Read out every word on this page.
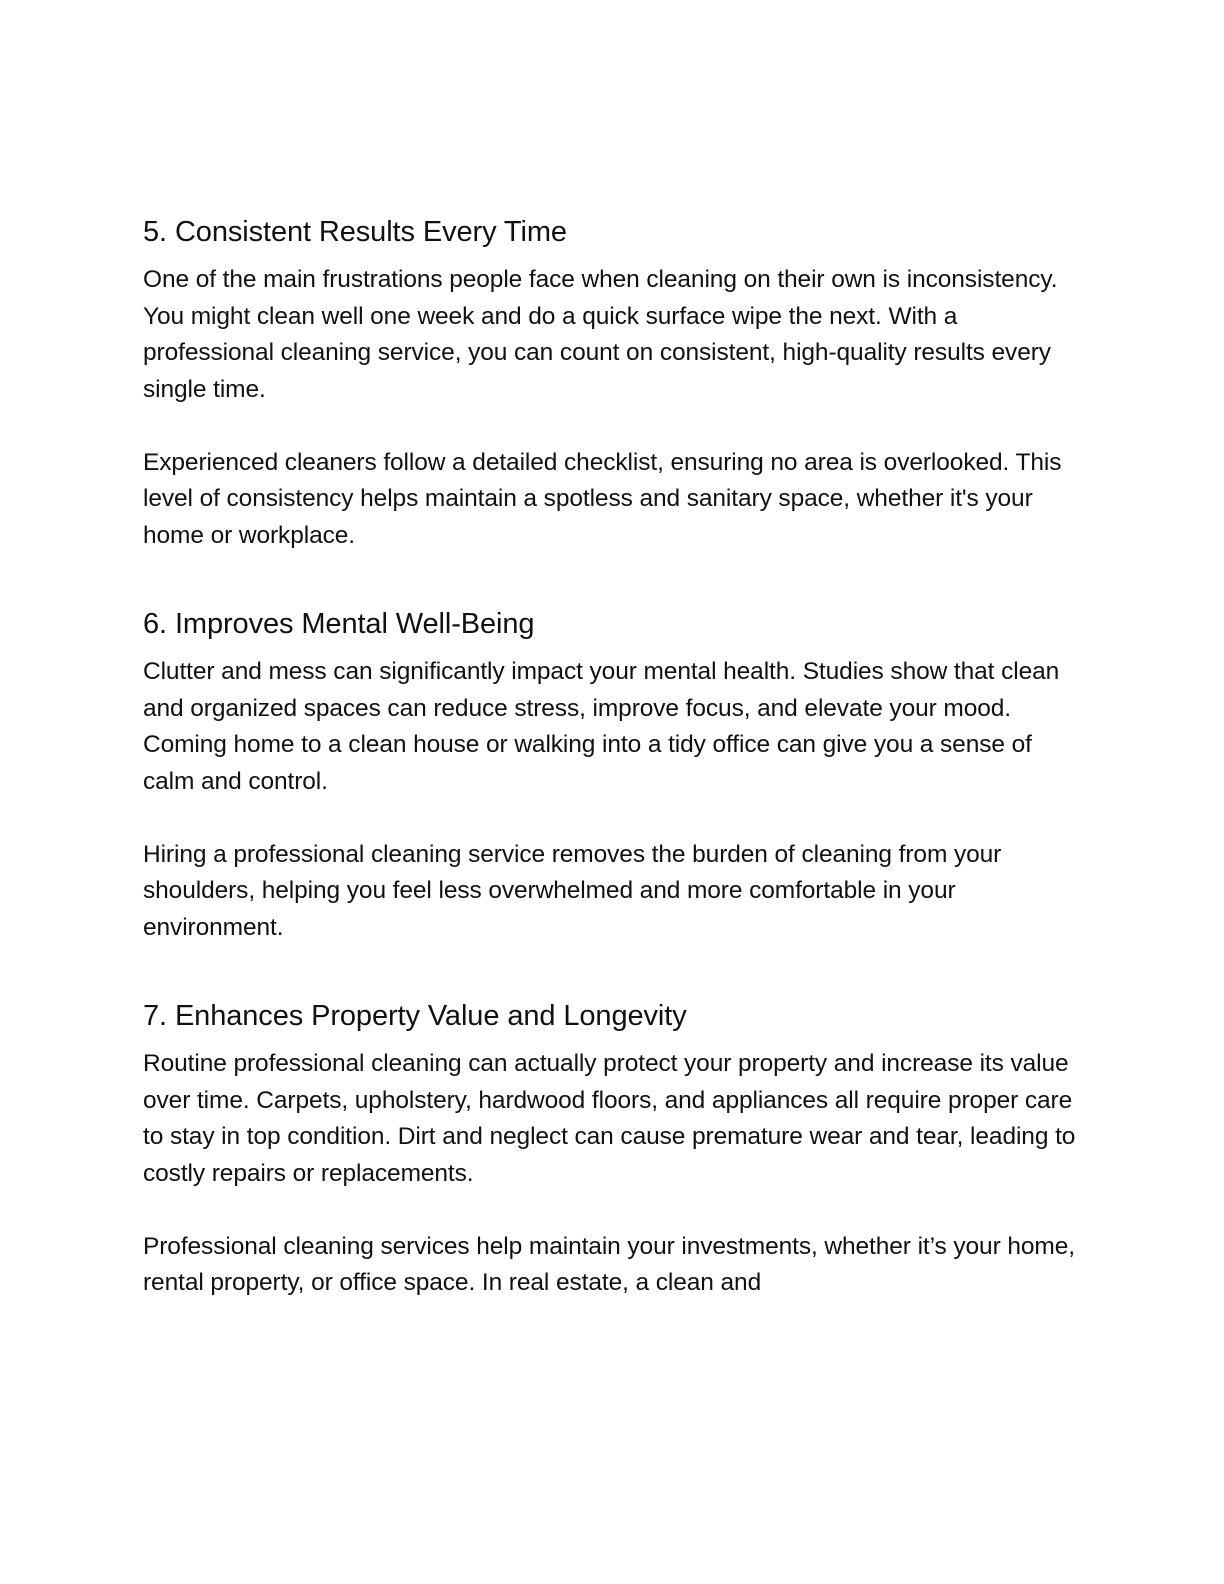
5. Consistent Results Every Time

One of the main frustrations people face when cleaning on their own is inconsistency. You might clean well one week and do a quick surface wipe the next. With a professional cleaning service, you can count on consistent, high-quality results every single time.

Experienced cleaners follow a detailed checklist, ensuring no area is overlooked. This level of consistency helps maintain a spotless and sanitary space, whether it's your home or workplace.

6. Improves Mental Well-Being

Clutter and mess can significantly impact your mental health. Studies show that clean and organized spaces can reduce stress, improve focus, and elevate your mood. Coming home to a clean house or walking into a tidy office can give you a sense of calm and control.

Hiring a professional cleaning service removes the burden of cleaning from your shoulders, helping you feel less overwhelmed and more comfortable in your environment.

7. Enhances Property Value and Longevity

Routine professional cleaning can actually protect your property and increase its value over time. Carpets, upholstery, hardwood floors, and appliances all require proper care to stay in top condition. Dirt and neglect can cause premature wear and tear, leading to costly repairs or replacements.

Professional cleaning services help maintain your investments, whether it’s your home, rental property, or office space. In real estate, a clean and
